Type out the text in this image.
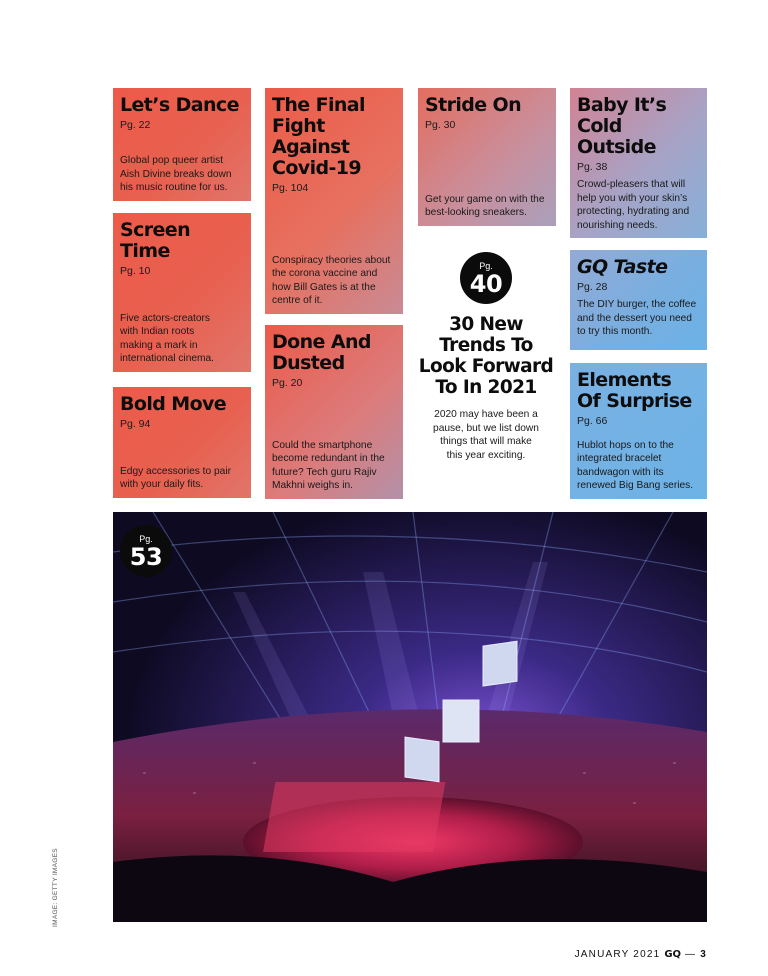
Let’s Dance
Pg. 22
Global pop queer artist Aish Divine breaks down his music routine for us.
Screen Time
Pg. 10
Five actors-creators with Indian roots making a mark in international cinema.
Bold Move
Pg. 94
Edgy accessories to pair with your daily fits.
The Final Fight Against Covid-19
Pg. 104
Conspiracy theories about the corona vaccine and how Bill Gates is at the centre of it.
Done And Dusted
Pg. 20
Could the smartphone become redundant in the future? Tech guru Rajiv Makhni weighs in.
Stride On
Pg. 30
Get your game on with the best-looking sneakers.
Pg.
40
30 New Trends To Look Forward To In 2021
2020 may have been a pause, but we list down things that will make this year exciting.
Baby It’s Cold Outside
Pg. 38
Crowd-pleasers that will help you with your skin’s protecting, hydrating and nourishing needs.
GQ Taste
Pg. 28
The DIY burger, the coffee and the dessert you need to try this month.
Elements Of Surprise
Pg. 66
Hublot hops on to the integrated bracelet bandwagon with its renewed Big Bang series.
Pg.
53
IMAGE: GETTY IMAGES
JANUARY 2021 GQ — 3
